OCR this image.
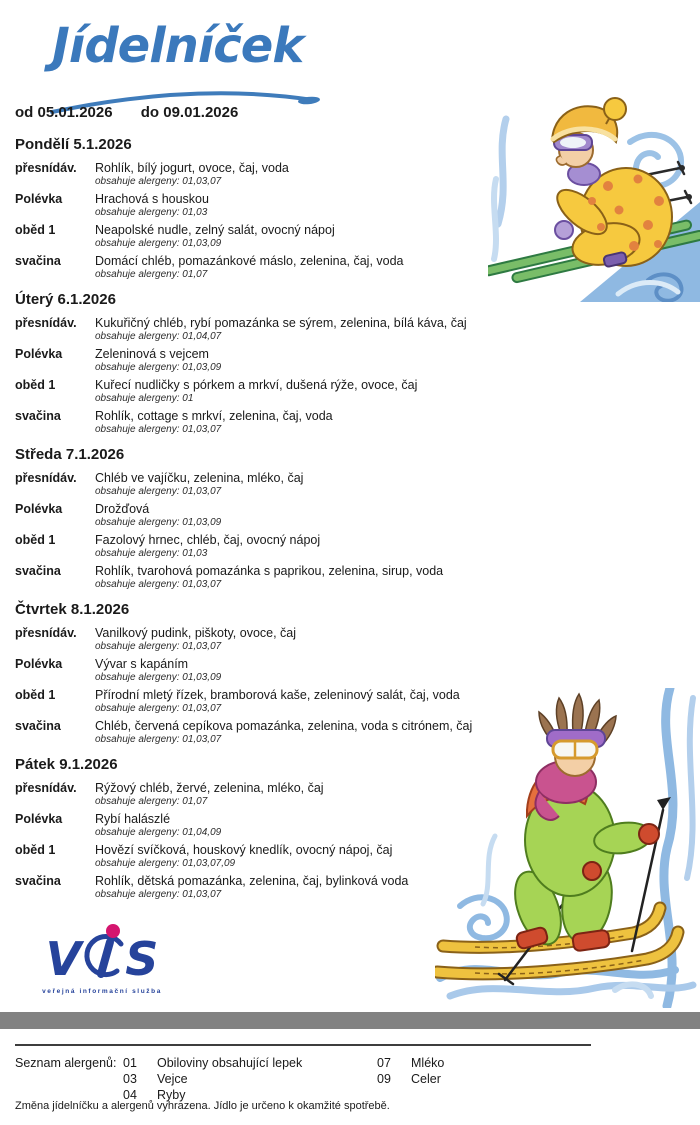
Jídelníček
od 05.01.2026 do 09.01.2026
Pondělí 5.1.2026
přesnídáv.	Rohlík, bílý jogurt, ovoce, čaj, voda
obsahuje alergeny: 01,03,07
Polévka	Hrachová s houskou
obsahuje alergeny: 01,03
oběd 1	Neapolské nudle, zelný salát, ovocný nápoj
obsahuje alergeny: 01,03,09
svačina	Domácí chléb, pomazánkové máslo, zelenina, čaj, voda
obsahuje alergeny: 01,07
Úterý 6.1.2026
přesnídáv.	Kukuřičný chléb, rybí pomazánka se sýrem, zelenina, bílá káva, čaj
obsahuje alergeny: 01,04,07
Polévka	Zeleninová s vejcem
obsahuje alergeny: 01,03,09
oběd 1	Kuřecí nudličky s pórkem a mrkví, dušená rýže, ovoce, čaj
obsahuje alergeny: 01
svačina	Rohlík, cottage s mrkví, zelenina, čaj, voda
obsahuje alergeny: 01,03,07
Středa 7.1.2026
přesnídáv.	Chléb ve vajíčku, zelenina, mléko, čaj
obsahuje alergeny: 01,03,07
Polévka	Drožďová
obsahuje alergeny: 01,03,09
oběd 1	Fazolový hrnec, chléb, čaj, ovocný nápoj
obsahuje alergeny: 01,03
svačina	Rohlík, tvarohová pomazánka s paprikou, zelenina, sirup, voda
obsahuje alergeny: 01,03,07
Čtvrtek 8.1.2026
přesnídáv.	Vanilkový pudink, piškoty, ovoce, čaj
obsahuje alergeny: 01,03,07
Polévka	Vývar s kapáním
obsahuje alergeny: 01,03,09
oběd 1	Přírodní mletý řízek, bramborová kaše, zeleninový salát, čaj, voda
obsahuje alergeny: 01,03,07
svačina	Chléb, červená cepíkova pomazánka, zelenina, voda s citrónem, čaj
obsahuje alergeny: 01,03,07
Pátek 9.1.2026
přesnídáv.	Rýžový chléb, žervé, zelenina, mléko, čaj
obsahuje alergeny: 01,07
Polévka	Rybí halászlé
obsahuje alergeny: 01,04,09
oběd 1	Hovězí svíčková, houskový knedlík, ovocný nápoj, čaj
obsahuje alergeny: 01,03,07,09
svačina	Rohlík, dětská pomazánka, zelenina, čaj, bylinková voda
obsahuje alergeny: 01,03,07
V S
veřejná informační služba
Seznam alergenů: 01	Obiloviny obsahující lepek
03	Vejce
04	Ryby
07	Mléko
09	Celer
Změna jídelníčku a alergenů vyhrazena. Jídlo je určeno k okamžité spotřebě.
